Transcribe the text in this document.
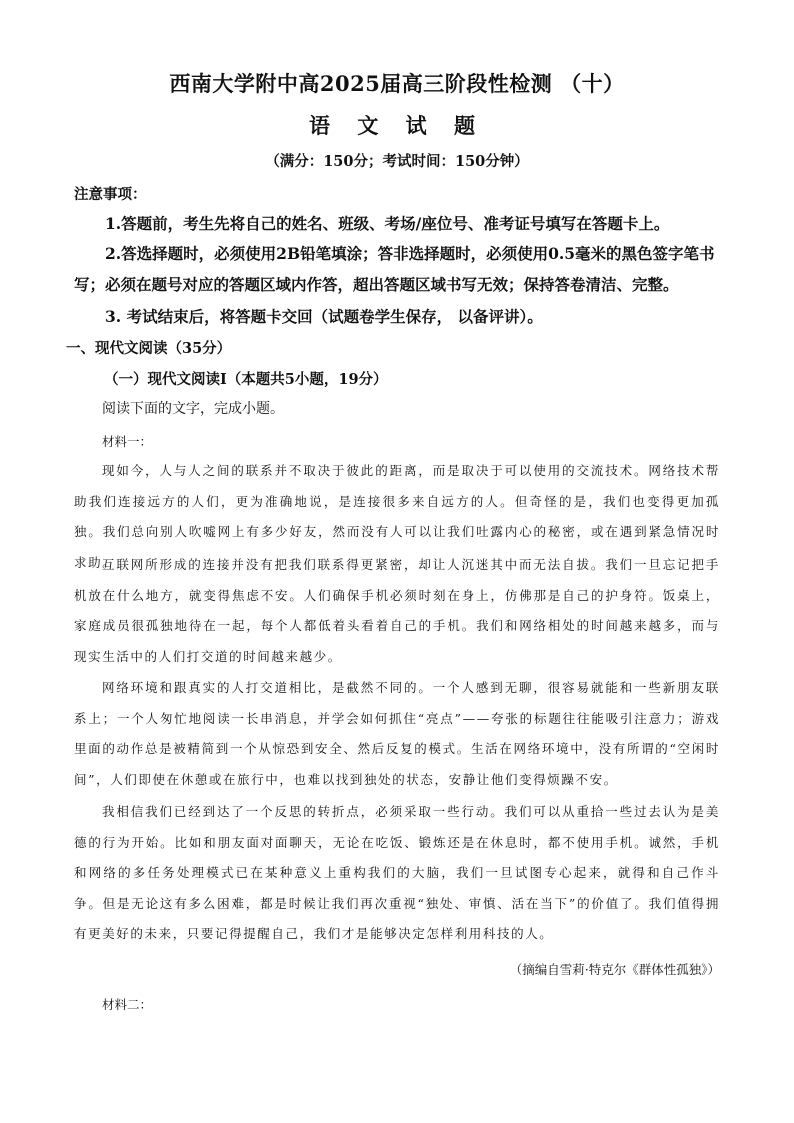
西南大学附中高2025届高三阶段性检测 （十）
语 文 试 题
（满分：150分；考试时间：150分钟）
注意事项：
1.答题前，考生先将自己的姓名、班级、考场/座位号、准考证号填写在答题卡上。
2.答选择题时，必须使用2B铅笔填涂；答非选择题时，必须使用0.5毫米的黑色签字笔书写；必须在题号对应的答题区域内作答，超出答题区域书写无效；保持答卷清洁、完整。
3. 考试结束后，将答题卡交回（试题卷学生保存， 以备评讲）。
一、现代文阅读（35分）
（一）现代文阅读Ⅰ（本题共5小题，19分）
阅读下面的文字，完成小题。
材料一：
现如今，人与人之间的联系并不取决于彼此的距离，而是取决于可以使用的交流技术。网络技术帮助我们连接远方的人们，更为准确地说，是连接很多来自远方的人。但奇怪的是，我们也变得更加孤独。我们总向别人吹嘘网上有多少好友，然而没有人可以让我们吐露内心的秘密，或在遇到紧急情况时求助。
互联网所形成的连接并没有把我们联系得更紧密，却让人沉迷其中而无法自拔。我们一旦忘记把手机放在什么地方，就变得焦虑不安。人们确保手机必须时刻在身上，仿佛那是自己的护身符。饭桌上，家庭成员很孤独地待在一起，每个人都低着头看着自己的手机。我们和网络相处的时间越来越多，而与现实生活中的人们打交道的时间越来越少。
网络环境和跟真实的人打交道相比，是截然不同的。一个人感到无聊，很容易就能和一些新朋友联系上；一个人匆忙地阅读一长串消息，并学会如何抓住“亮点”——夸张的标题往往能吸引注意力；游戏里面的动作总是被精简到一个从惊恐到安全、然后反复的模式。生活在网络环境中，没有所谓的“空闲时间”，人们即使在休憩或在旅行中，也难以找到独处的状态，安静让他们变得烦躁不安。
我相信我们已经到达了一个反思的转折点，必须采取一些行动。我们可以从重拾一些过去认为是美德的行为开始。比如和朋友面对面聊天，无论在吃饭、锻炼还是在休息时，都不使用手机。诚然，手机和网络的多任务处理模式已在某种意义上重构我们的大脑，我们一旦试图专心起来，就得和自己作斗争。但是无论这有多么困难，都是时候让我们再次重视“独处、审慎、活在当下”的价值了。我们值得拥有更美好的未来，只要记得提醒自己，我们才是能够决定怎样利用科技的人。
（摘编自雪莉·特克尔《群体性孤独》）
材料二：
